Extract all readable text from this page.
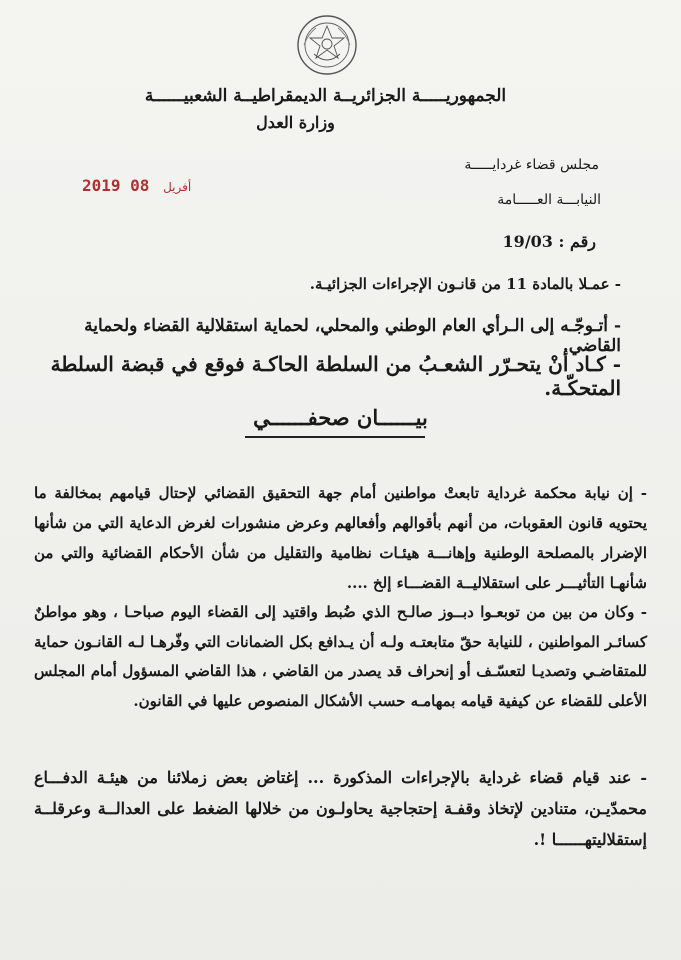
الجمهوريـــــة الجزائريــة الديمقراطيــة الشعبيــــــة
وزارة العدل
مجلس قضاء غردايـــــة
النيابـــة العـــــامة
رقم : 19/03
2019	أفريل 08
- عمـلا بالمادة 11 من قانـون الإجراءات الجزائيـة.
- أتـوجّـه إلى الـرأي العام الوطني والمحلي، لحماية استقلالية القضاء ولحماية القاضي.
- كـاد أنْ يتحـرّر الشعـبُ من السلطة الحاكـة فوقع في قبضة السلطة المتحكّـة.
بيــــــان صحفــــــي
- إن نيابة محكمة غرداية تابعتْ مواطنين أمام جهة التحقيق القضائي لإحتال قيامهم بمخالفة ما يحتويه قانون العقوبات، من أنهم بأقوالهم وأفعالهم وعرض منشورات لغرض الدعاية التي من شأنها الإضرار بالمصلحة الوطنية وإهانـــة هيئـات نظامية والتقليل من شأن الأحكام القضائية والتي من شأنهـا التأثيـــر على استقلاليــة القضـــاء إلخ ....
- وكان من بين من توبعـوا دبــوز صالـح الذي ضُبط واقتيد إلى القضاء اليوم صباحـا ، وهو مواطنٌ كسائـر المواطنين ، للنيابة حقّ متابعتـه ولـه أن يـدافع بكل الضمانات التي وفّرهـا لـه القانـون حماية للمتقاضـي وتصديـا لتعسّـف أو إنحراف قد يصدر من القاضي ، هذا القاضي المسؤول أمام المجلس الأعلى للقضاء عن كيفية قيامه بمهامـه حسب الأشكال المنصوص عليها في القانون.
- عند قيام قضاء غرداية بالإجراءات المذكورة ... إغتاض بعض زملائنا من هيئـة الدفـــاع محمدّيـن، متنادين لإتخاذ وقفـة إحتجاجية يحاولـون من خلالها الضغط على العدالــة وعرقلــة إستقلاليتهــــــا !.
